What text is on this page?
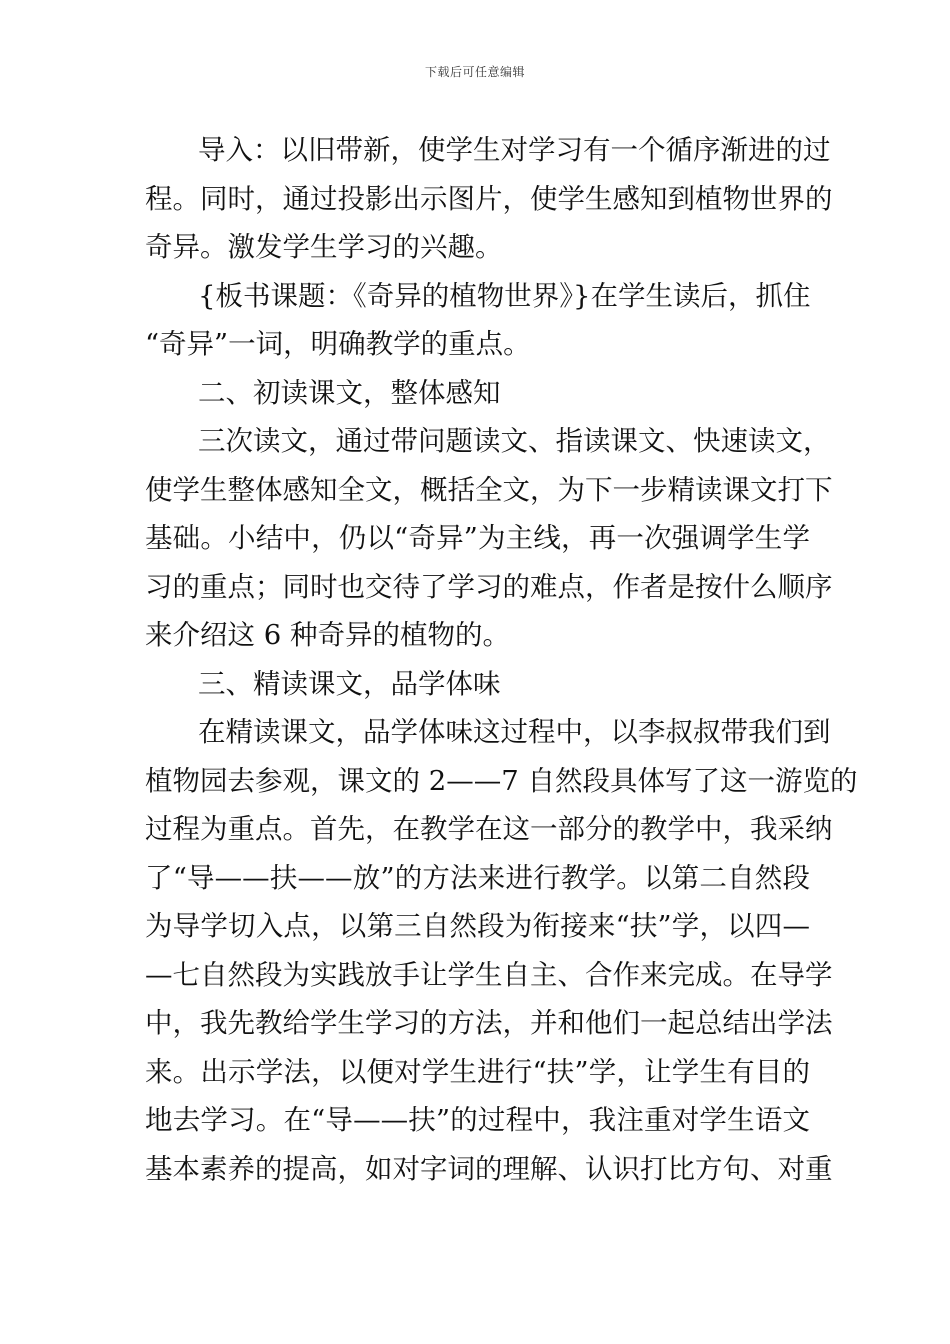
下载后可任意编辑
导入：以旧带新，使学生对学习有一个循序渐进的过
程。同时，通过投影出示图片，使学生感知到植物世界的
奇异。激发学生学习的兴趣。
{板书课题：《奇异的植物世界》}在学生读后，抓住
“奇异”一词，明确教学的重点。
二、初读课文，整体感知
三次读文，通过带问题读文、指读课文、快速读文，
使学生整体感知全文，概括全文，为下一步精读课文打下
基础。小结中，仍以“奇异”为主线，再一次强调学生学
习的重点；同时也交待了学习的难点，作者是按什么顺序
来介绍这 6 种奇异的植物的。
三、精读课文，品学体味
在精读课文，品学体味这过程中，以李叔叔带我们到
植物园去参观，课文的 2——7 自然段具体写了这一游览的
过程为重点。首先，在教学在这一部分的教学中，我采纳
了“导——扶——放”的方法来进行教学。以第二自然段
为导学切入点，以第三自然段为衔接来“扶”学，以四—
—七自然段为实践放手让学生自主、合作来完成。在导学
中，我先教给学生学习的方法，并和他们一起总结出学法
来。出示学法，以便对学生进行“扶”学，让学生有目的
地去学习。在“导——扶”的过程中，我注重对学生语文
基本素养的提高，如对字词的理解、认识打比方句、对重
